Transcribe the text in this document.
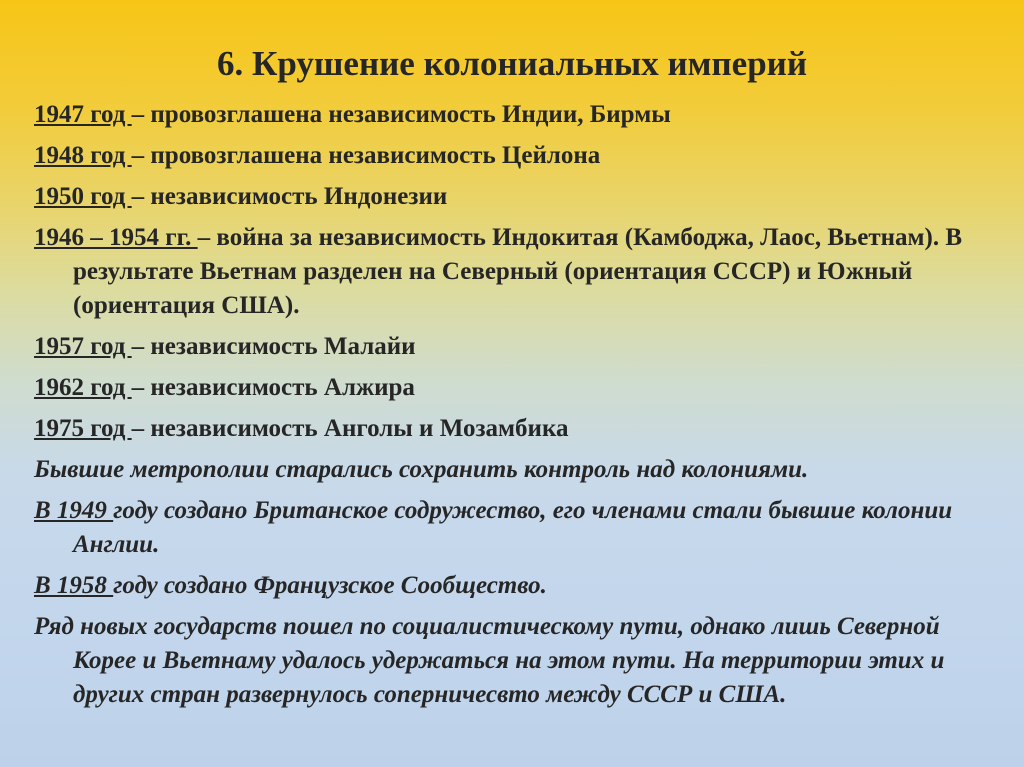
6. Крушение колониальных империй

1947 год – провозглашена независимость Индии, Бирмы

1948 год – провозглашена независимость Цейлона

1950 год – независимость Индонезии

1946 – 1954 гг. – война за независимость Индокитая (Камбоджа, Лаос, Вьетнам). В результате Вьетнам разделен на Северный (ориентация СССР) и Южный (ориентация США).

1957 год – независимость Малайи

1962 год – независимость Алжира

1975 год – независимость Анголы и Мозамбика

Бывшие метрополии старались сохранить контроль над колониями.

В 1949 году создано Британское содружество, его членами стали бывшие колонии Англии.

В 1958 году создано Французское Сообщество.

Ряд новых государств пошел по социалистическому пути, однако лишь Северной Корее и Вьетнаму удалось удержаться на этом пути. На территории этих и других стран развернулось соперничесвто между СССР и США.
